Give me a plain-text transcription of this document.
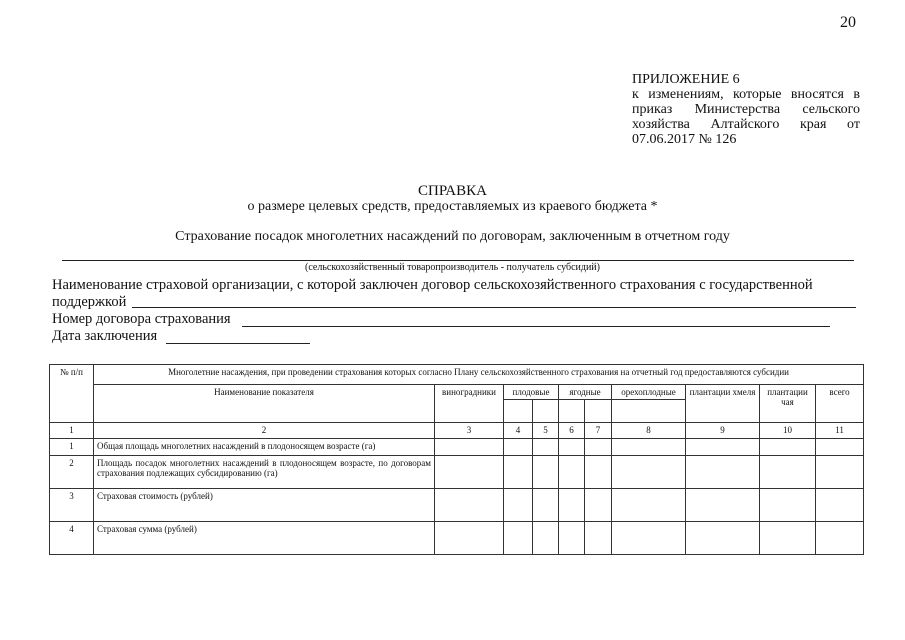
20
ПРИЛОЖЕНИЕ 6
к изменениям, которые вносятся в приказ Министерства сельского хозяйства Алтайского края от 07.06.2017 № 126
СПРАВКА
о размере целевых средств, предоставляемых из краевого бюджета *
Страхование посадок многолетних насаждений по договорам, заключенным в отчетном году
(сельскохозяйственный товаропроизводитель - получатель субсидий)
Наименование страховой организации, с которой заключен договор сельскохозяйственного страхования с государственной поддержкой
Номер договора страхования
Дата заключения
№ п/п	Многолетние насаждения, при проведении страхования которых согласно Плану сельскохозяйственного страхования на отчетный год предоставляются субсидии									
	Наименование показателя	виноградники	плодовые		ягодные		орехоплодные	плантации хмеля	плантации чая	всего

1	2	3	4	5	6	7	8	9	10	11
1	Общая площадь многолетних насаждений в плодоносящем возрасте (га)									
2	Площадь посадок многолетних насаждений в плодоносящем возрасте, по договорам страхования подлежащих субсидированию (га)									
3	Страховая стоимость (рублей)									
4	Страховая сумма (рублей)									
